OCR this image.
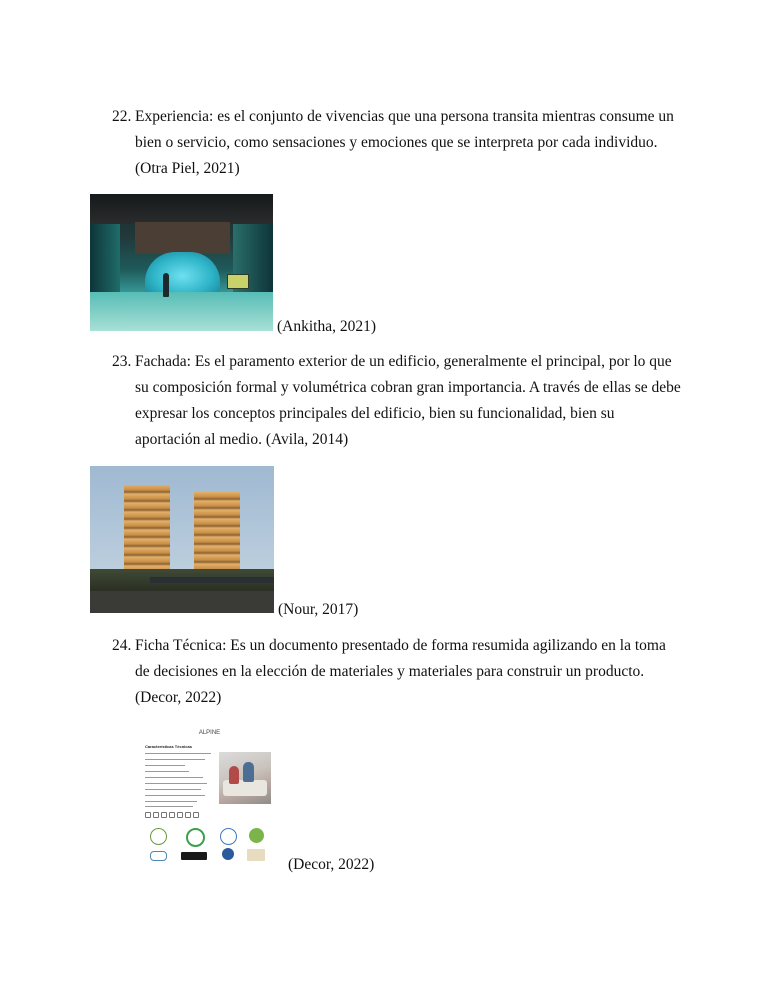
22. Experiencia: es el conjunto de vivencias que una persona transita mientras consume un bien o servicio, como sensaciones y emociones que se interpreta por cada individuo. (Otra Piel, 2021)
(Ankitha, 2021)
23. Fachada: Es el paramento exterior de un edificio, generalmente el principal, por lo que su composición formal y volumétrica cobran gran importancia. A través de ellas se debe expresar los conceptos principales del edificio, bien su funcionalidad, bien su aportación al medio. (Avila, 2014)
(Nour, 2017)
24. Ficha Técnica: Es un documento presentado de forma resumida agilizando en la toma de decisiones en la elección de materiales y materiales para construir un producto. (Decor, 2022)
ALPINE
Características Técnicas
(Decor, 2022)
